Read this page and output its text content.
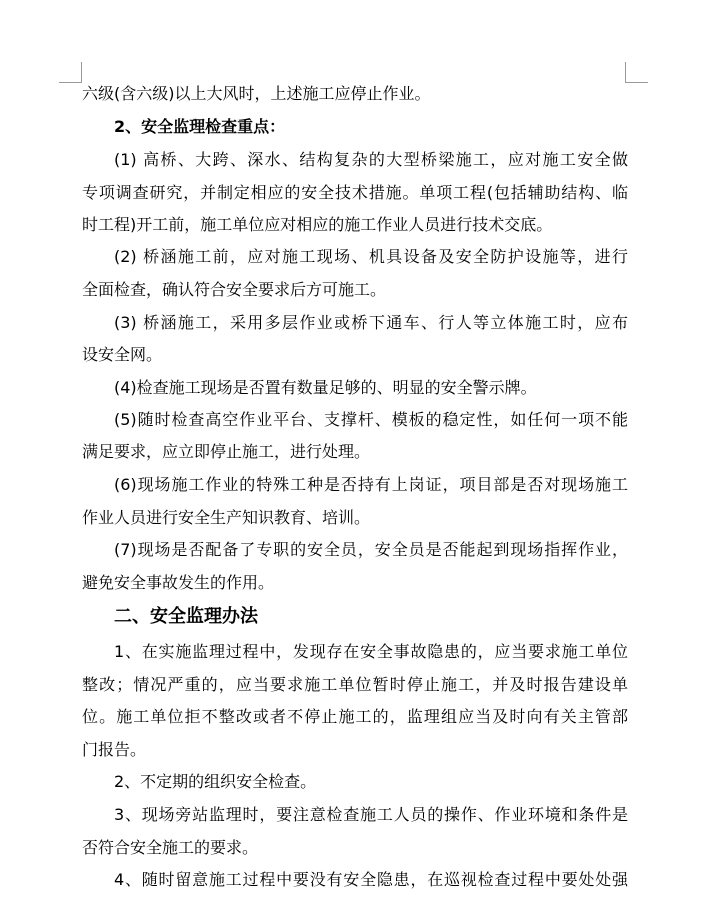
六级(含六级)以上大风时，上述施工应停止作业。
2、安全监理检查重点：
(1) 高桥、大跨、深水、结构复杂的大型桥梁施工，应对施工安全做
专项调查研究，并制定相应的安全技术措施。单项工程(包括辅助结构、临
时工程)开工前，施工单位应对相应的施工作业人员进行技术交底。
(2) 桥涵施工前，应对施工现场、机具设备及安全防护设施等，进行
全面检查，确认符合安全要求后方可施工。
(3) 桥涵施工，采用多层作业或桥下通车、行人等立体施工时，应布
设安全网。
(4)检查施工现场是否置有数量足够的、明显的安全警示牌。
(5)随时检查高空作业平台、支撑杆、模板的稳定性，如任何一项不能
满足要求，应立即停止施工，进行处理。
(6)现场施工作业的特殊工种是否持有上岗证，项目部是否对现场施工
作业人员进行安全生产知识教育、培训。
(7)现场是否配备了专职的安全员，安全员是否能起到现场指挥作业，
避免安全事故发生的作用。
二、安全监理办法
1、在实施监理过程中，发现存在安全事故隐患的，应当要求施工单位
整改；情况严重的，应当要求施工单位暂时停止施工，并及时报告建设单
位。施工单位拒不整改或者不停止施工的，监理组应当及时向有关主管部
门报告。
2、不定期的组织安全检查。
3、现场旁站监理时，要注意检查施工人员的操作、作业环境和条件是
否符合安全施工的要求。
4、随时留意施工过程中要没有安全隐患，在巡视检查过程中要处处强
